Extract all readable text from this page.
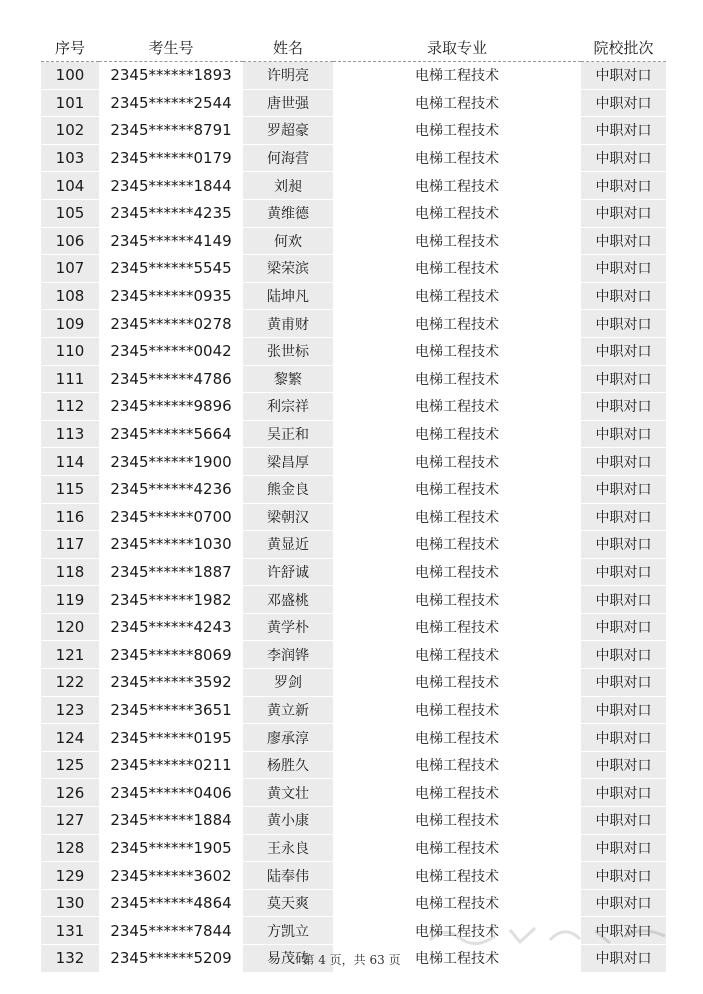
序号	考生号	姓名	录取专业	院校批次
100	2345******1893	许明亮	电梯工程技术	中职对口
101	2345******2544	唐世强	电梯工程技术	中职对口
102	2345******8791	罗超豪	电梯工程技术	中职对口
103	2345******0179	何海营	电梯工程技术	中职对口
104	2345******1844	刘昶	电梯工程技术	中职对口
105	2345******4235	黄维德	电梯工程技术	中职对口
106	2345******4149	何欢	电梯工程技术	中职对口
107	2345******5545	梁荣滨	电梯工程技术	中职对口
108	2345******0935	陆坤凡	电梯工程技术	中职对口
109	2345******0278	黄甫财	电梯工程技术	中职对口
110	2345******0042	张世标	电梯工程技术	中职对口
111	2345******4786	黎繁	电梯工程技术	中职对口
112	2345******9896	利宗祥	电梯工程技术	中职对口
113	2345******5664	吴正和	电梯工程技术	中职对口
114	2345******1900	梁昌厚	电梯工程技术	中职对口
115	2345******4236	熊金良	电梯工程技术	中职对口
116	2345******0700	梁朝汉	电梯工程技术	中职对口
117	2345******1030	黄显近	电梯工程技术	中职对口
118	2345******1887	许舒诚	电梯工程技术	中职对口
119	2345******1982	邓盛桃	电梯工程技术	中职对口
120	2345******4243	黄学朴	电梯工程技术	中职对口
121	2345******8069	李润铧	电梯工程技术	中职对口
122	2345******3592	罗剑	电梯工程技术	中职对口
123	2345******3651	黄立新	电梯工程技术	中职对口
124	2345******0195	廖承淳	电梯工程技术	中职对口
125	2345******0211	杨胜久	电梯工程技术	中职对口
126	2345******0406	黄文壮	电梯工程技术	中职对口
127	2345******1884	黄小康	电梯工程技术	中职对口
128	2345******1905	王永良	电梯工程技术	中职对口
129	2345******3602	陆奉伟	电梯工程技术	中职对口
130	2345******4864	莫天爽	电梯工程技术	中职对口
131	2345******7844	方凯立	电梯工程技术	中职对口
132	2345******5209	易茂砖	电梯工程技术	中职对口
第 4 页，共 63 页
